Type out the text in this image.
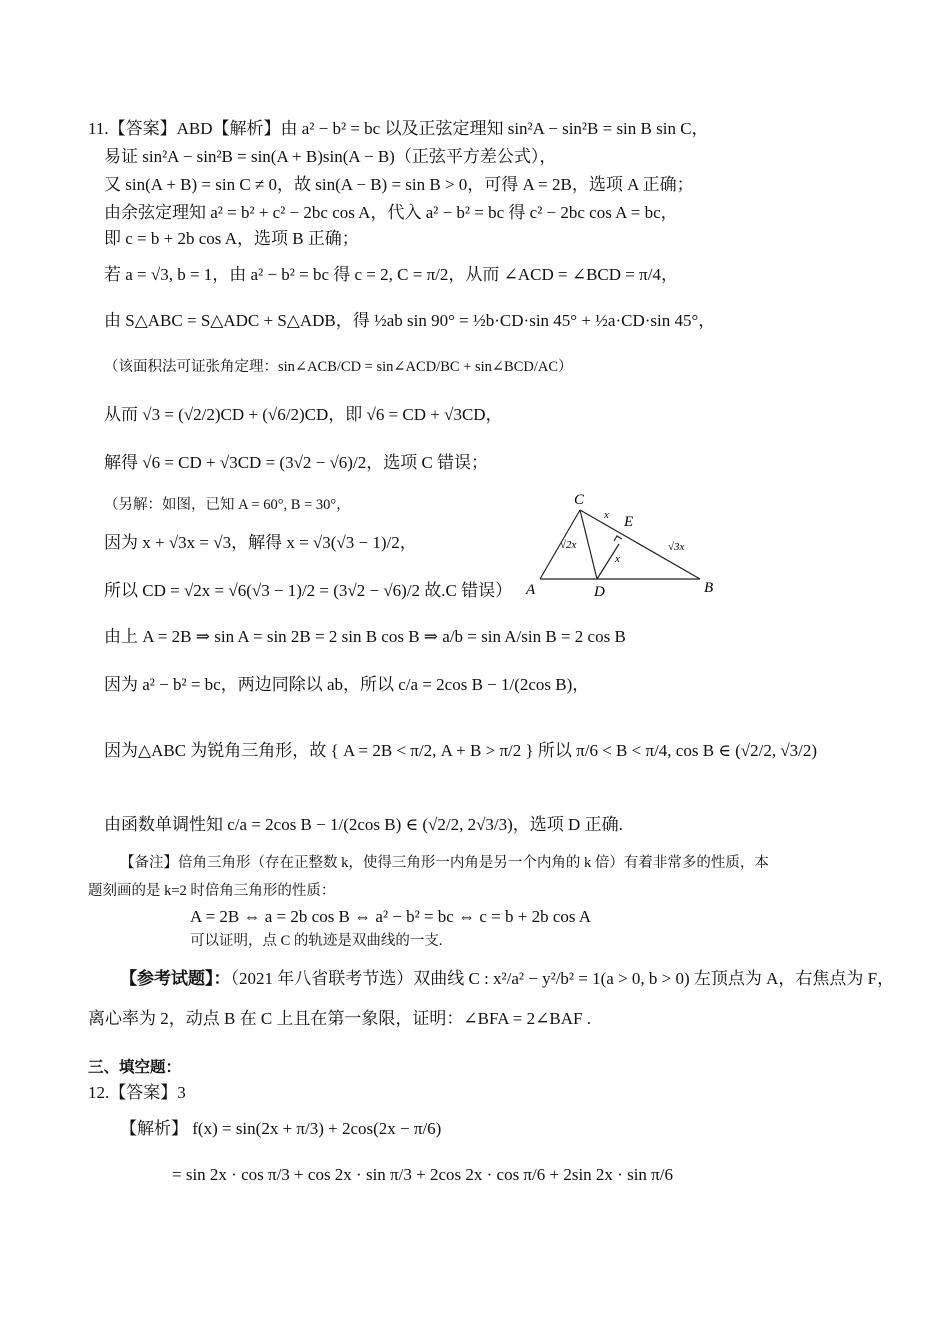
11.【答案】ABD【解析】由 a² − b² = bc 以及正弦定理知 sin²A − sin²B = sin B sin C，
易证 sin²A − sin²B = sin(A + B)sin(A − B)（正弦平方差公式），
又 sin(A + B) = sin C ≠ 0，故 sin(A − B) = sin B > 0，可得 A = 2B，选项 A 正确；
由余弦定理知 a² = b² + c² − 2bc cos A，代入 a² − b² = bc 得 c² − 2bc cos A = bc，
即 c = b + 2b cos A，选项 B 正确；
若 a = √3, b = 1，由 a² − b² = bc 得 c = 2, C = π/2，从而 ∠ACD = ∠BCD = π/4，
由 S△ABC = S△ADC + S△ADB，得 ½ab sin 90° = ½b·CD·sin 45° + ½a·CD·sin 45°，
（该面积法可证张角定理：sin∠ACB/CD = sin∠ACD/BC + sin∠BCD/AC）
从而 √3 = (√2/2)CD + (√6/2)CD，即 √6 = CD + √3CD，
解得 √6 = CD + √3CD = (3√2 − √6)/2，选项 C 错误；
（另解：如图，已知 A = 60°, B = 30°，
因为 x + √3x = √3，解得 x = √3(√3 − 1)/2，
所以 CD = √2x = √6(√3 − 1)/2 = (3√2 − √6)/2 故.C 错误）
C
A	D	B
E
x
x
√2x	√3x
由上 A = 2B ⇒ sin A = sin 2B = 2 sin B cos B ⇒ a/b = sin A/sin B = 2 cos B
因为 a² − b² = bc，两边同除以 ab，所以 c/a = 2cos B − 1/(2cos B)，
因为△ABC 为锐角三角形，故 { A = 2B < π/2, A + B > π/2 } 所以 π/6 < B < π/4, cos B ∈ (√2/2, √3/2)
由函数单调性知 c/a = 2cos B − 1/(2cos B) ∈ (√2/2, 2√3/3)，选项 D 正确.
【备注】倍角三角形（存在正整数 k，使得三角形一内角是另一个内角的 k 倍）有着非常多的性质，本
题刻画的是 k=2 时倍角三角形的性质：
A = 2B ⇔ a = 2b cos B ⇔ a² − b² = bc ⇔ c = b + 2b cos A
可以证明，点 C 的轨迹是双曲线的一支.
【参考试题】：（2021 年八省联考节选）双曲线 C : x²/a² − y²/b² = 1(a > 0, b > 0) 左顶点为 A，右焦点为 F，
离心率为 2，动点 B 在 C 上且在第一象限，证明：∠BFA = 2∠BAF .
三、填空题：
12.【答案】3
【解析】 f(x) = sin(2x + π/3) + 2cos(2x − π/6)
= sin 2x · cos π/3 + cos 2x · sin π/3 + 2cos 2x · cos π/6 + 2sin 2x · sin π/6
